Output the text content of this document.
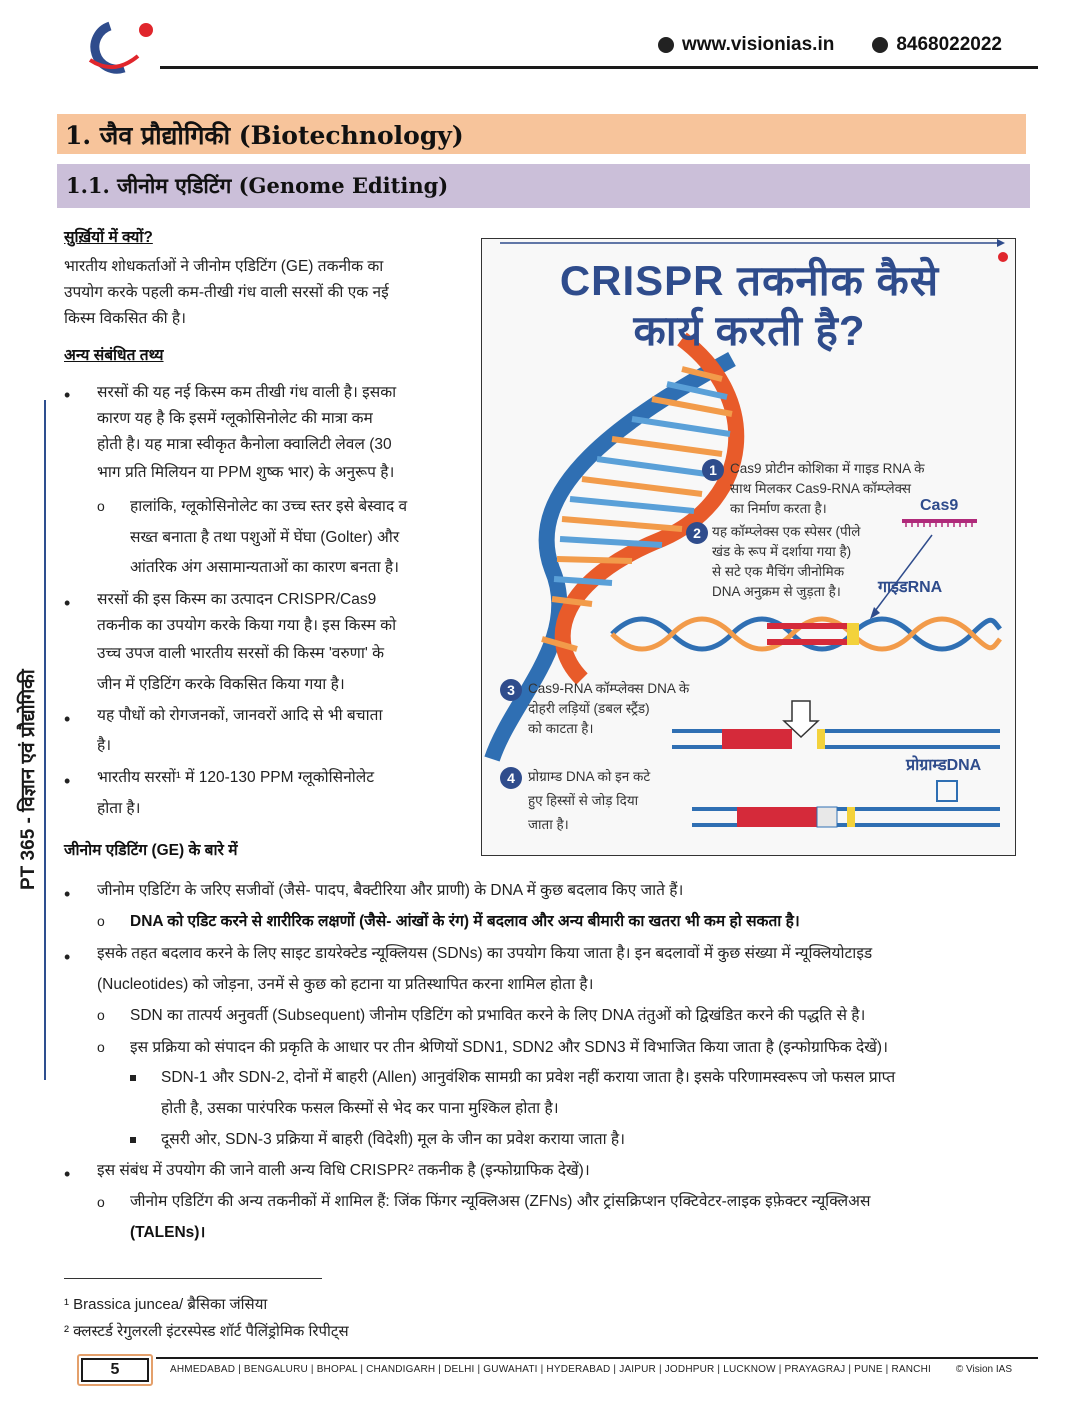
www.visionias.in	8468022022
PT 365 - विज्ञान एवं प्रौद्योगिकी
1. जैव प्रौद्योगिकी (Biotechnology)
1.1. जीनोम एडिटिंग (Genome Editing)
सुर्ख़ियों में क्यों?
भारतीय शोधकर्ताओं ने जीनोम एडिटिंग (GE) तकनीक का
उपयोग करके पहली कम-तीखी गंध वाली सरसों की एक नई
किस्म विकसित की है।
अन्य संबंधित तथ्य
• सरसों की यह नई किस्म कम तीखी गंध वाली है। इसका
कारण यह है कि इसमें ग्लूकोसिनोलेट की मात्रा कम
होती है। यह मात्रा स्वीकृत कैनोला क्वालिटी लेवल (30
भाग प्रति मिलियन या PPM शुष्क भार) के अनुरूप है।
o हालांकि, ग्लूकोसिनोलेट का उच्च स्तर इसे बेस्वाद व
सख्त बनाता है तथा पशुओं में घेंघा (Golter) और
आंतरिक अंग असामान्यताओं का कारण बनता है।
• सरसों की इस किस्म का उत्पादन CRISPR/Cas9
तकनीक का उपयोग करके किया गया है। इस किस्म को
उच्च उपज वाली भारतीय सरसों की किस्म 'वरुणा' के
जीन में एडिटिंग करके विकसित किया गया है।
• यह पौधों को रोगजनकों, जानवरों आदि से भी बचाता
है।
• भारतीय सरसों¹ में 120-130 PPM ग्लूकोसिनोलेट
होता है।
जीनोम एडिटिंग (GE) के बारे में
CRISPR तकनीक कैसे
कार्य करती है?
1 Cas9 प्रोटीन कोशिका में गाइड RNA के
साथ मिलकर Cas9-RNA कॉम्प्लेक्स
का निर्माण करता है।	Cas9
2 यह कॉम्प्लेक्स एक स्पेसर (पीले
खंड के रूप में दर्शाया गया है)
से सटे एक मैचिंग जीनोमिक
DNA अनुक्रम से जुड़ता है। गाइडRNA
3 Cas9-RNA कॉम्प्लेक्स DNA के
दोहरी लड़ियों (डबल स्ट्रैंड)
को काटता है।
प्रोग्राम्डDNA
4 प्रोग्राम्ड DNA को इन कटे
हुए हिस्सों से जोड़ दिया
जाता है।
• जीनोम एडिटिंग के जरिए सजीवों (जैसे- पादप, बैक्टीरिया और प्राणी) के DNA में कुछ बदलाव किए जाते हैं।
o DNA को एडिट करने से शारीरिक लक्षणों (जैसे- आंखों के रंग) में बदलाव और अन्य बीमारी का खतरा भी कम हो सकता है।
• इसके तहत बदलाव करने के लिए साइट डायरेक्टेड न्यूक्लियस (SDNs) का उपयोग किया जाता है। इन बदलावों में कुछ संख्या में न्यूक्लियोटाइड
(Nucleotides) को जोड़ना, उनमें से कुछ को हटाना या प्रतिस्थापित करना शामिल होता है।
o SDN का तात्पर्य अनुवर्ती (Subsequent) जीनोम एडिटिंग को प्रभावित करने के लिए DNA तंतुओं को द्विखंडित करने की पद्धति से है।
o इस प्रक्रिया को संपादन की प्रकृति के आधार पर तीन श्रेणियों SDN1, SDN2 और SDN3 में विभाजित किया जाता है (इन्फोग्राफिक देखें)।
SDN-1 और SDN-2, दोनों में बाहरी (Allen) आनुवंशिक सामग्री का प्रवेश नहीं कराया जाता है। इसके परिणामस्वरूप जो फसल प्राप्त
होती है, उसका पारंपरिक फसल किस्मों से भेद कर पाना मुश्किल होता है।
दूसरी ओर, SDN-3 प्रक्रिया में बाहरी (विदेशी) मूल के जीन का प्रवेश कराया जाता है।
• इस संबंध में उपयोग की जाने वाली अन्य विधि CRISPR² तकनीक है (इन्फोग्राफिक देखें)।
o जीनोम एडिटिंग की अन्य तकनीकों में शामिल हैं: जिंक फिंगर न्यूक्लिअस (ZFNs) और ट्रांसक्रिप्शन एक्टिवेटर-लाइक इफ़ेक्टर न्यूक्लिअस
(TALENs)।
¹ Brassica juncea/ ब्रैसिका जंसिया
² क्लस्टर्ड रेगुलरली इंटरस्पेस्ड शॉर्ट पैलिंड्रोमिक रिपीट्स
5	AHMEDABAD | BENGALURU | BHOPAL | CHANDIGARH | DELHI | GUWAHATI | HYDERABAD | JAIPUR | JODHPUR | LUCKNOW | PRAYAGRAJ | PUNE | RANCHI © Vision IAS
